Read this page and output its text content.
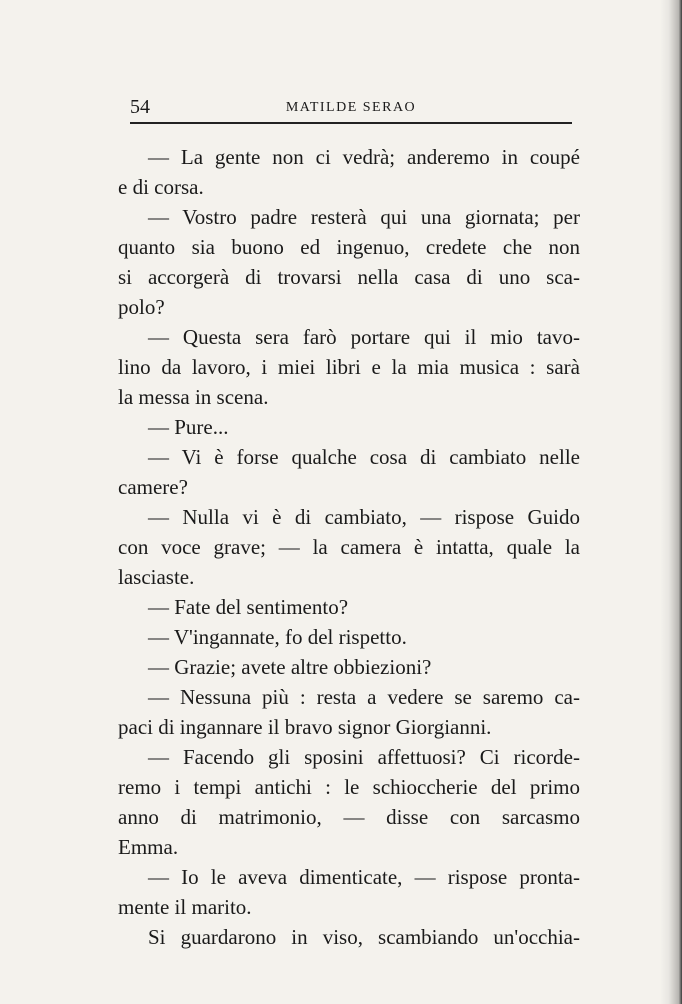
54	MATILDE SERAO
— La gente non ci vedrà; anderemo in coupé
e di corsa.
— Vostro padre resterà qui una giornata; per
quanto sia buono ed ingenuo, credete che non
si accorgerà di trovarsi nella casa di uno sca-
polo?
— Questa sera farò portare qui il mio tavo-
lino da lavoro, i miei libri e la mia musica : sarà
la messa in scena.
— Pure...
— Vi è forse qualche cosa di cambiato nelle
camere?
— Nulla vi è di cambiato, — rispose Guido
con voce grave; — la camera è intatta, quale la
lasciaste.
— Fate del sentimento?
— V'ingannate, fo del rispetto.
— Grazie; avete altre obbiezioni?
— Nessuna più : resta a vedere se saremo ca-
paci di ingannare il bravo signor Giorgianni.
— Facendo gli sposini affettuosi? Ci ricorde-
remo i tempi antichi : le schioccherie del primo
anno di matrimonio, — disse con sarcasmo
Emma.
— Io le aveva dimenticate, — rispose pronta-
mente il marito.
Si guardarono in viso, scambiando un'occhia-
